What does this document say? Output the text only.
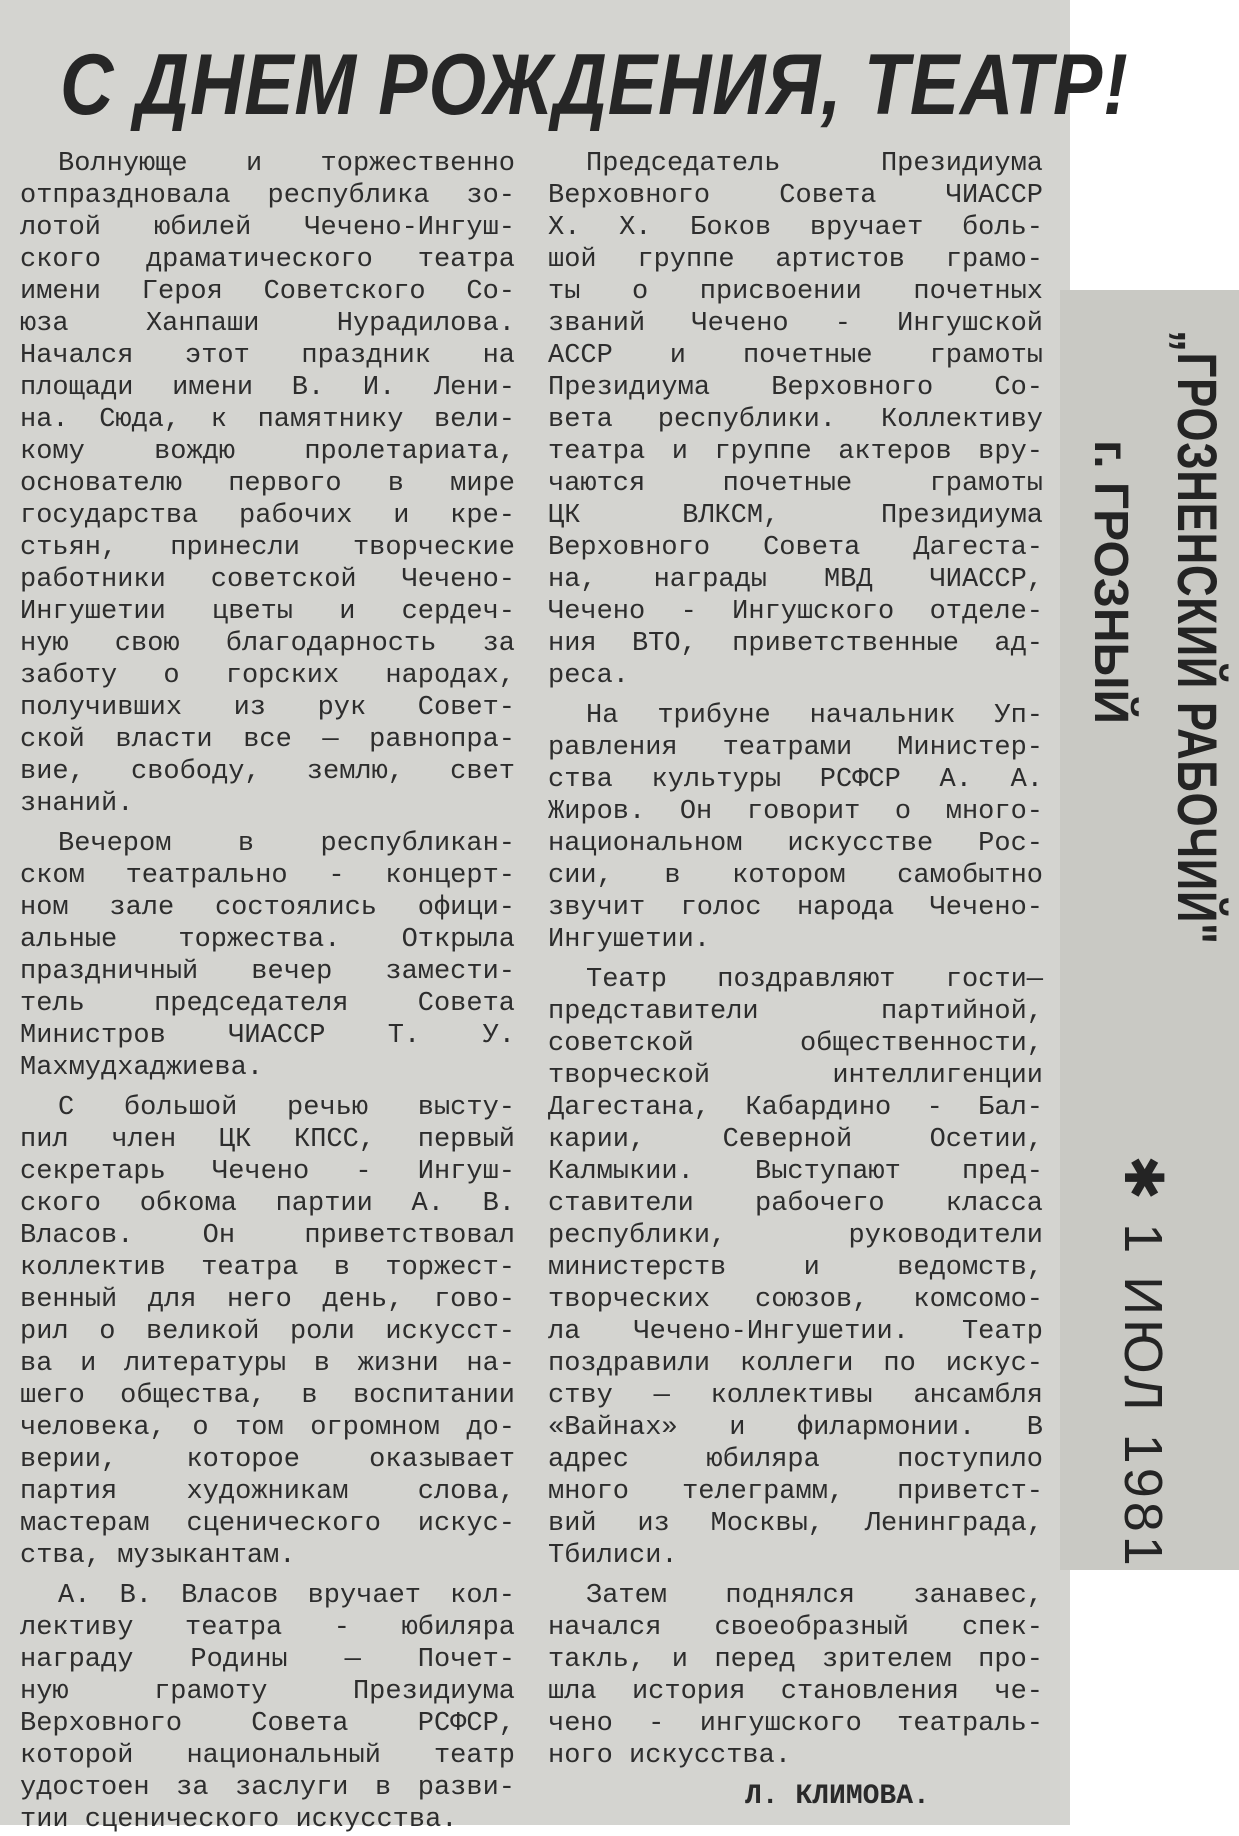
С ДНЕМ РОЖДЕНИЯ, ТЕАТР!
Волнующе и торжественно
отпраздновала республика зо-
лотой юбилей Чечено-Ингуш-
ского драматического театра
имени Героя Советского Со-
юза Ханпаши Нурадилова.
Начался этот праздник на
площади имени В. И. Лени-
на. Сюда, к памятнику вели-
кому вождю пролетариата,
основателю первого в мире
государства рабочих и кре-
стьян, принесли творческие
работники советской Чечено-
Ингушетии цветы и сердеч-
ную свою благодарность за
заботу о горских народах,
получивших из рук Совет-
ской власти все — равнопра-
вие, свободу, землю, свет
знаний.
Вечером в республикан-
ском театрально - концерт-
ном зале состоялись офици-
альные торжества. Открыла
праздничный вечер замести-
тель председателя Совета
Министров ЧИАССР Т. У.
Махмудхаджиева.
С большой речью высту-
пил член ЦК КПСС, первый
секретарь Чечено - Ингуш-
ского обкома партии А. В.
Власов. Он приветствовал
коллектив театра в торжест-
венный для него день, гово-
рил о великой роли искусст-
ва и литературы в жизни на-
шего общества, в воспитании
человека, о том огромном до-
верии, которое оказывает
партия художникам слова,
мастерам сценического искус-
ства, музыкантам.
А. В. Власов вручает кол-
лективу театра - юбиляра
награду Родины — Почет-
ную грамоту Президиума
Верховного Совета РСФСР,
которой национальный театр
удостоен за заслуги в разви-
тии сценического искусства.
Председатель Президиума
Верховного Совета ЧИАССР
Х. Х. Боков вручает боль-
шой группе артистов грамо-
ты о присвоении почетных
званий Чечено - Ингушской
АССР и почетные грамоты
Президиума Верховного Со-
вета республики. Коллективу
театра и группе актеров вру-
чаются почетные грамоты
ЦК ВЛКСМ, Президиума
Верховного Совета Дагеста-
на, награды МВД ЧИАССР,
Чечено - Ингушского отделе-
ния ВТО, приветственные ад-
реса.
На трибуне начальник Уп-
равления театрами Министер-
ства культуры РСФСР А. А.
Жиров. Он говорит о много-
национальном искусстве Рос-
сии, в котором самобытно
звучит голос народа Чечено-
Ингушетии.
Театр поздравляют гости—
представители партийной,
советской общественности,
творческой интеллигенции
Дагестана, Кабардино - Бал-
карии, Северной Осетии,
Калмыкии. Выступают пред-
ставители рабочего класса
республики, руководители
министерств и ведомств,
творческих союзов, комсомо-
ла Чечено-Ингушетии. Театр
поздравили коллеги по искус-
ству — коллективы ансамбля
«Вайнах» и филармонии. В
адрес юбиляра поступило
много телеграмм, приветст-
вий из Москвы, Ленинграда,
Тбилиси.
Затем поднялся занавес,
начался своеобразный спек-
такль, и перед зрителем про-
шла история становления че-
чено - ингушского театраль-
ного искусства.
Л. КЛИМОВА.
„ГРОЗНЕНСКИЙ РАБОЧИЙ"
г. ГРОЗНЫЙ
✱ 1 ИЮЛ 1981
